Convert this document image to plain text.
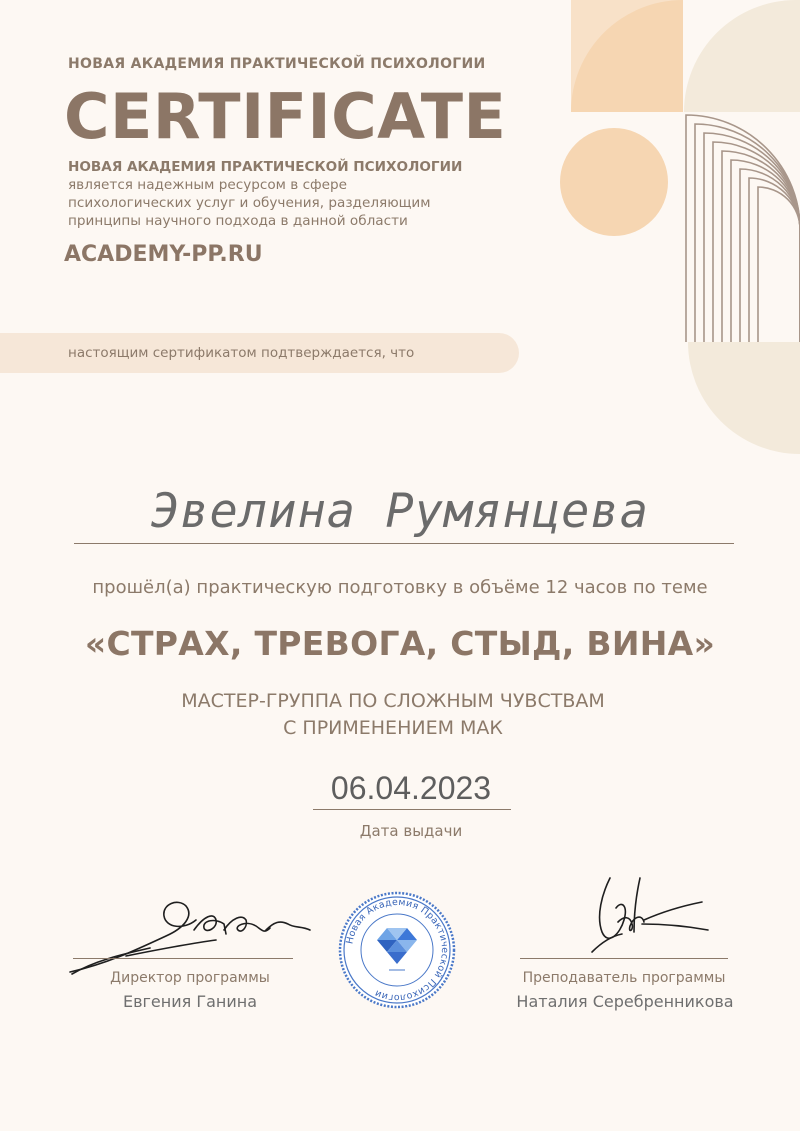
НОВАЯ АКАДЕМИЯ ПРАКТИЧЕСКОЙ ПСИХОЛОГИИ
CERTIFICATE
НОВАЯ АКАДЕМИЯ ПРАКТИЧЕСКОЙ ПСИХОЛОГИИ
является надежным ресурсом в сфере
психологических услуг и обучения, разделяющим
принципы научного подхода в данной области
ACADEMY-PP.RU
настоящим сертификатом подтверждается, что
Эвелина Румянцева
прошёл(а) практическую подготовку в объёме 12 часов по теме
«СТРАХ, ТРЕВОГА, СТЫД, ВИНА»
МАСТЕР-ГРУППА ПО СЛОЖНЫМ ЧУВСТВАМ
С ПРИМЕНЕНИЕМ МАК
06.04.2023
Дата выдачи
Новая Академия Практической Психологии
Директор программы
Евгения Ганина
Преподаватель программы
Наталия Серебренникова
